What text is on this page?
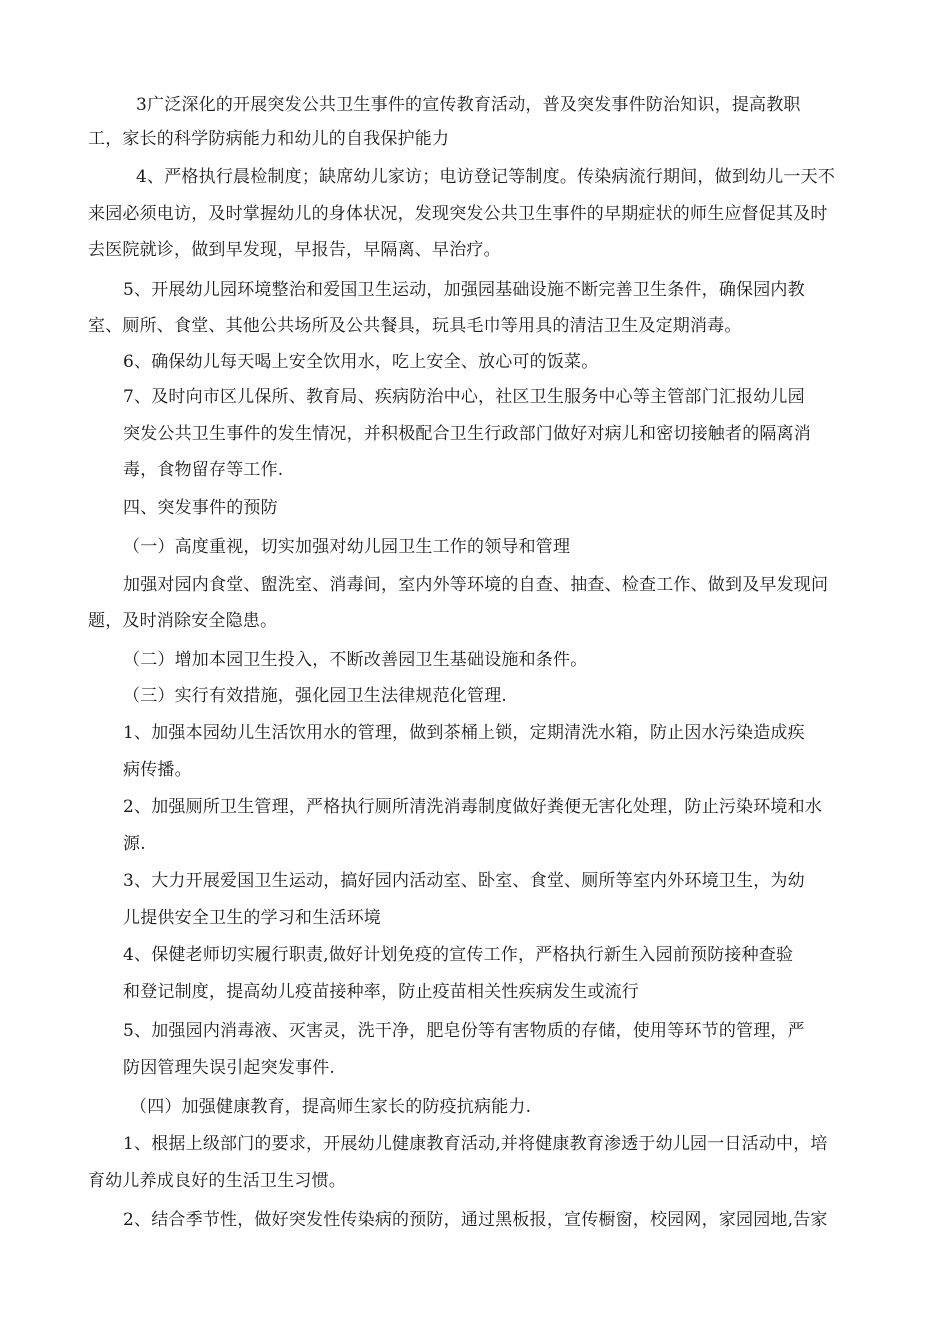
3广泛深化的开展突发公共卫生事件的宣传教育活动，普及突发事件防治知识，提高教职
工，家长的科学防病能力和幼儿的自我保护能力
4、严格执行晨检制度；缺席幼儿家访；电访登记等制度。传染病流行期间，做到幼儿一天不
来园必须电访，及时掌握幼儿的身体状况，发现突发公共卫生事件的早期症状的师生应督促其及时
去医院就诊，做到早发现，早报告，早隔离、早治疗。
5、开展幼儿园环境整治和爱国卫生运动，加强园基础设施不断完善卫生条件，确保园内教
室、厕所、食堂、其他公共场所及公共餐具，玩具毛巾等用具的清洁卫生及定期消毒。
6、确保幼儿每天喝上安全饮用水，吃上安全、放心可的饭菜。
7、及时向市区儿保所、教育局、疾病防治中心，社区卫生服务中心等主管部门汇报幼儿园
突发公共卫生事件的发生情况，并积极配合卫生行政部门做好对病儿和密切接触者的隔离消
毒，食物留存等工作.
四、突发事件的预防
（一）高度重视，切实加强对幼儿园卫生工作的领导和管理
加强对园内食堂、盥洗室、消毒间，室内外等环境的自查、抽查、检查工作、做到及早发现问
题，及时消除安全隐患。
（二）增加本园卫生投入，不断改善园卫生基础设施和条件。
（三）实行有效措施，强化园卫生法律规范化管理.
1、加强本园幼儿生活饮用水的管理，做到茶桶上锁，定期清洗水箱，防止因水污染造成疾
病传播。
2、加强厕所卫生管理，严格执行厕所清洗消毒制度做好粪便无害化处理，防止污染环境和水
源.
3、大力开展爱国卫生运动，搞好园内活动室、卧室、食堂、厕所等室内外环境卫生，为幼
儿提供安全卫生的学习和生活环境
4、保健老师切实履行职责,做好计划免疫的宣传工作，严格执行新生入园前预防接种查验
和登记制度，提高幼儿疫苗接种率，防止疫苗相关性疾病发生或流行
5、加强园内消毒液、灭害灵，洗干净，肥皂份等有害物质的存储，使用等环节的管理，严
防因管理失误引起突发事件.
（四）加强健康教育，提高师生家长的防疫抗病能力.
1、根据上级部门的要求，开展幼儿健康教育活动,并将健康教育渗透于幼儿园一日活动中，培
育幼儿养成良好的生活卫生习惯。
2、结合季节性，做好突发性传染病的预防，通过黑板报，宣传橱窗，校园网，家园园地,告家
